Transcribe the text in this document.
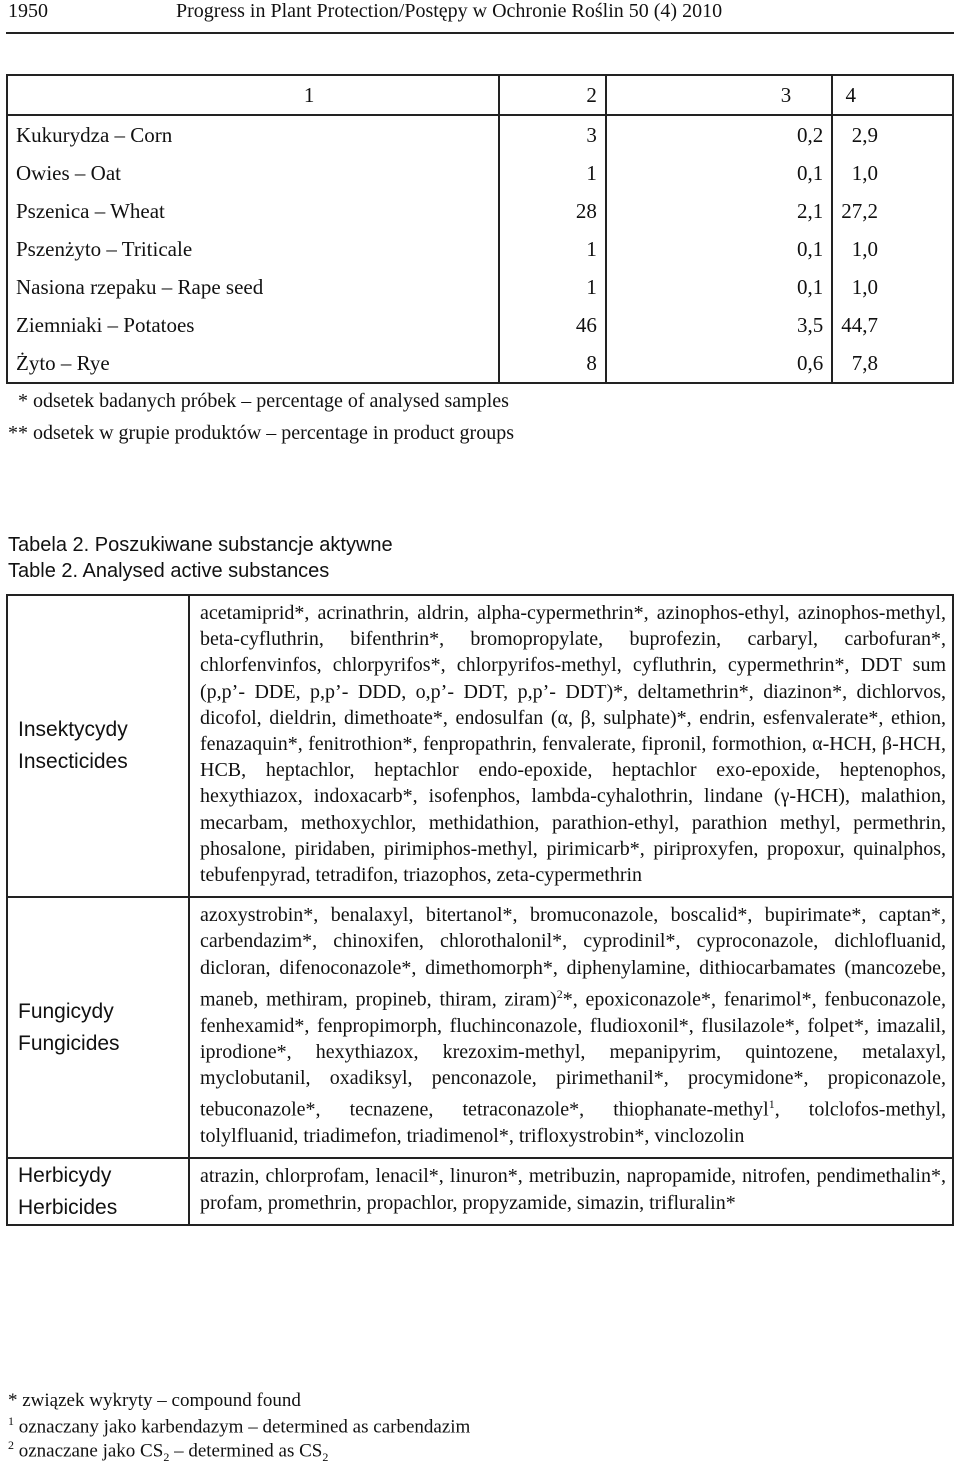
1950	Progress in Plant Protection/Postępy w Ochronie Roślin 50 (4) 2010
1	2	3	4
Kukurydza – Corn	3	0,2	2,9
Owies – Oat	1	0,1	1,0
Pszenica – Wheat	28	2,1	27,2
Pszenżyto – Triticale	1	0,1	1,0
Nasiona rzepaku – Rape seed	1	0,1	1,0
Ziemniaki – Potatoes	46	3,5	44,7
Żyto – Rye	8	0,6	7,8
* odsetek badanych próbek – percentage of analysed samples
** odsetek w grupie produktów – percentage in product groups
Tabela 2. Poszukiwane substancje aktywne
Table 2. Analysed active substances
Insektycydy
Insecticides	acetamiprid*, acrinathrin, aldrin, alpha-cypermethrin*, azinophos-ethyl, azinophos-methyl, beta-cyfluthrin, bifenthrin*, bromopropylate, buprofezin, carbaryl, carbofuran*, chlorfenvinfos, chlorpyrifos*, chlorpyrifos-methyl, cyfluthrin, cypermethrin*, DDT sum (p,p’- DDE, p,p’- DDD, o,p’- DDT, p,p’- DDT)*, deltamethrin*, diazinon*, dichlorvos, dicofol, dieldrin, dimethoate*, endosulfan (α, β, sulphate)*, endrin, esfenvalerate*, ethion, fenazaquin*, fenitrothion*, fenpropathrin, fenvalerate, fipronil, formothion, α-HCH, β-HCH, HCB, heptachlor, heptachlor endo-epoxide, heptachlor exo-epoxide, heptenophos, hexythiazox, indoxacarb*, isofenphos, lambda-cyhalothrin, lindane (γ-HCH), malathion, mecarbam, methoxychlor, methidathion, parathion-ethyl, parathion methyl, permethrin, phosalone, piridaben, pirimiphos-methyl, pirimicarb*, piriproxyfen, propoxur, quinalphos, tebufenpyrad, tetradifon, triazophos, zeta-cypermethrin

Fungicydy
Fungicides	azoxystrobin*, benalaxyl, bitertanol*, bromuconazole, boscalid*, bupirimate*, captan*, carbendazim*, chinoxifen, chlorothalonil*, cyprodinil*, cyproconazole, dichlofluanid, dicloran, difenoconazole*, dimethomorph*, diphenylamine, dithiocarbamates (mancozebe, maneb, methiram, propineb, thiram, ziram)$^2$*, epoxiconazole*, fenarimol*, fenbuconazole, fenhexamid*, fenpropimorph, fluchinconazole, fludioxonil*, flusilazole*, folpet*, imazalil, iprodione*, hexythiazox, krezoxim-methyl, mepanipyrim, quintozene, metalaxyl, myclobutanil, oxadiksyl, penconazole, pirimethanil*, procymidone*, propiconazole, tebuconazole*, tecnazene, tetraconazole*, thiophanate-methyl$^1$, tolclofos-methyl, tolylfluanid, triadimefon, triadimenol*, trifloxystrobin*, vinclozolin

Herbicydy
Herbicides	atrazin, chlorprofam, lenacil*, linuron*, metribuzin, napropamide, nitrofen, pendimethalin*, profam, promethrin, propachlor, propyzamide, simazin, trifluralin*
* związek wykryty – compound found
$^1$ oznaczany jako karbendazym – determined as carbendazim
$^2$ oznaczane jako $CS_2$ – determined as $CS_2$
